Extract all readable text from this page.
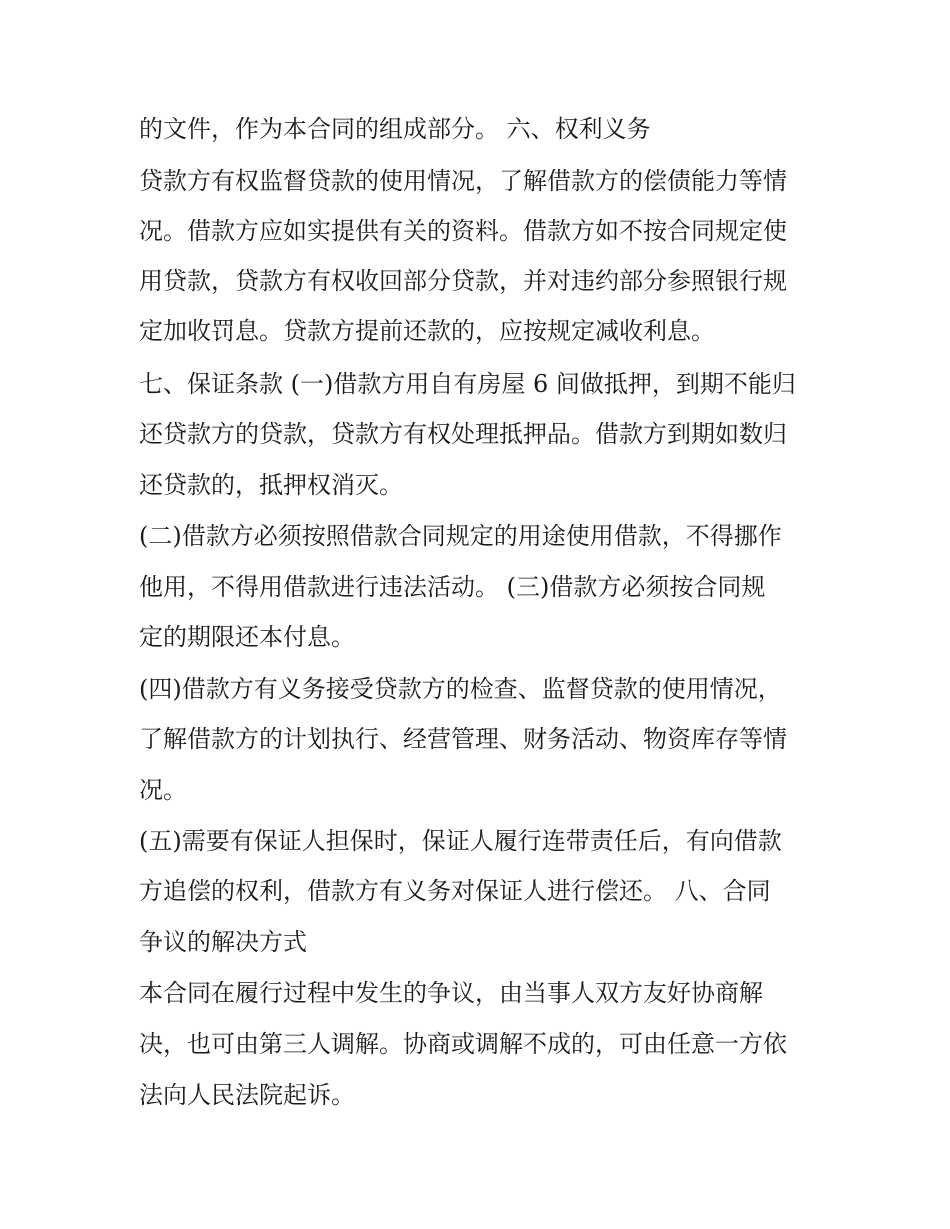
的文件，作为本合同的组成部分。 六、权利义务

贷款方有权监督贷款的使用情况，了解借款方的偿债能力等情

况。借款方应如实提供有关的资料。借款方如不按合同规定使

用贷款，贷款方有权收回部分贷款，并对违约部分参照银行规

定加收罚息。贷款方提前还款的，应按规定减收利息。

七、保证条款 (一)借款方用自有房屋 6 间做抵押，到期不能归

还贷款方的贷款，贷款方有权处理抵押品。借款方到期如数归

还贷款的，抵押权消灭。

(二)借款方必须按照借款合同规定的用途使用借款，不得挪作

他用，不得用借款进行违法活动。 (三)借款方必须按合同规

定的期限还本付息。

(四)借款方有义务接受贷款方的检查、监督贷款的使用情况，

了解借款方的计划执行、经营管理、财务活动、物资库存等情

况。

(五)需要有保证人担保时，保证人履行连带责任后，有向借款

方追偿的权利，借款方有义务对保证人进行偿还。 八、合同

争议的解决方式

本合同在履行过程中发生的争议，由当事人双方友好协商解

决，也可由第三人调解。协商或调解不成的，可由任意一方依

法向人民法院起诉。
